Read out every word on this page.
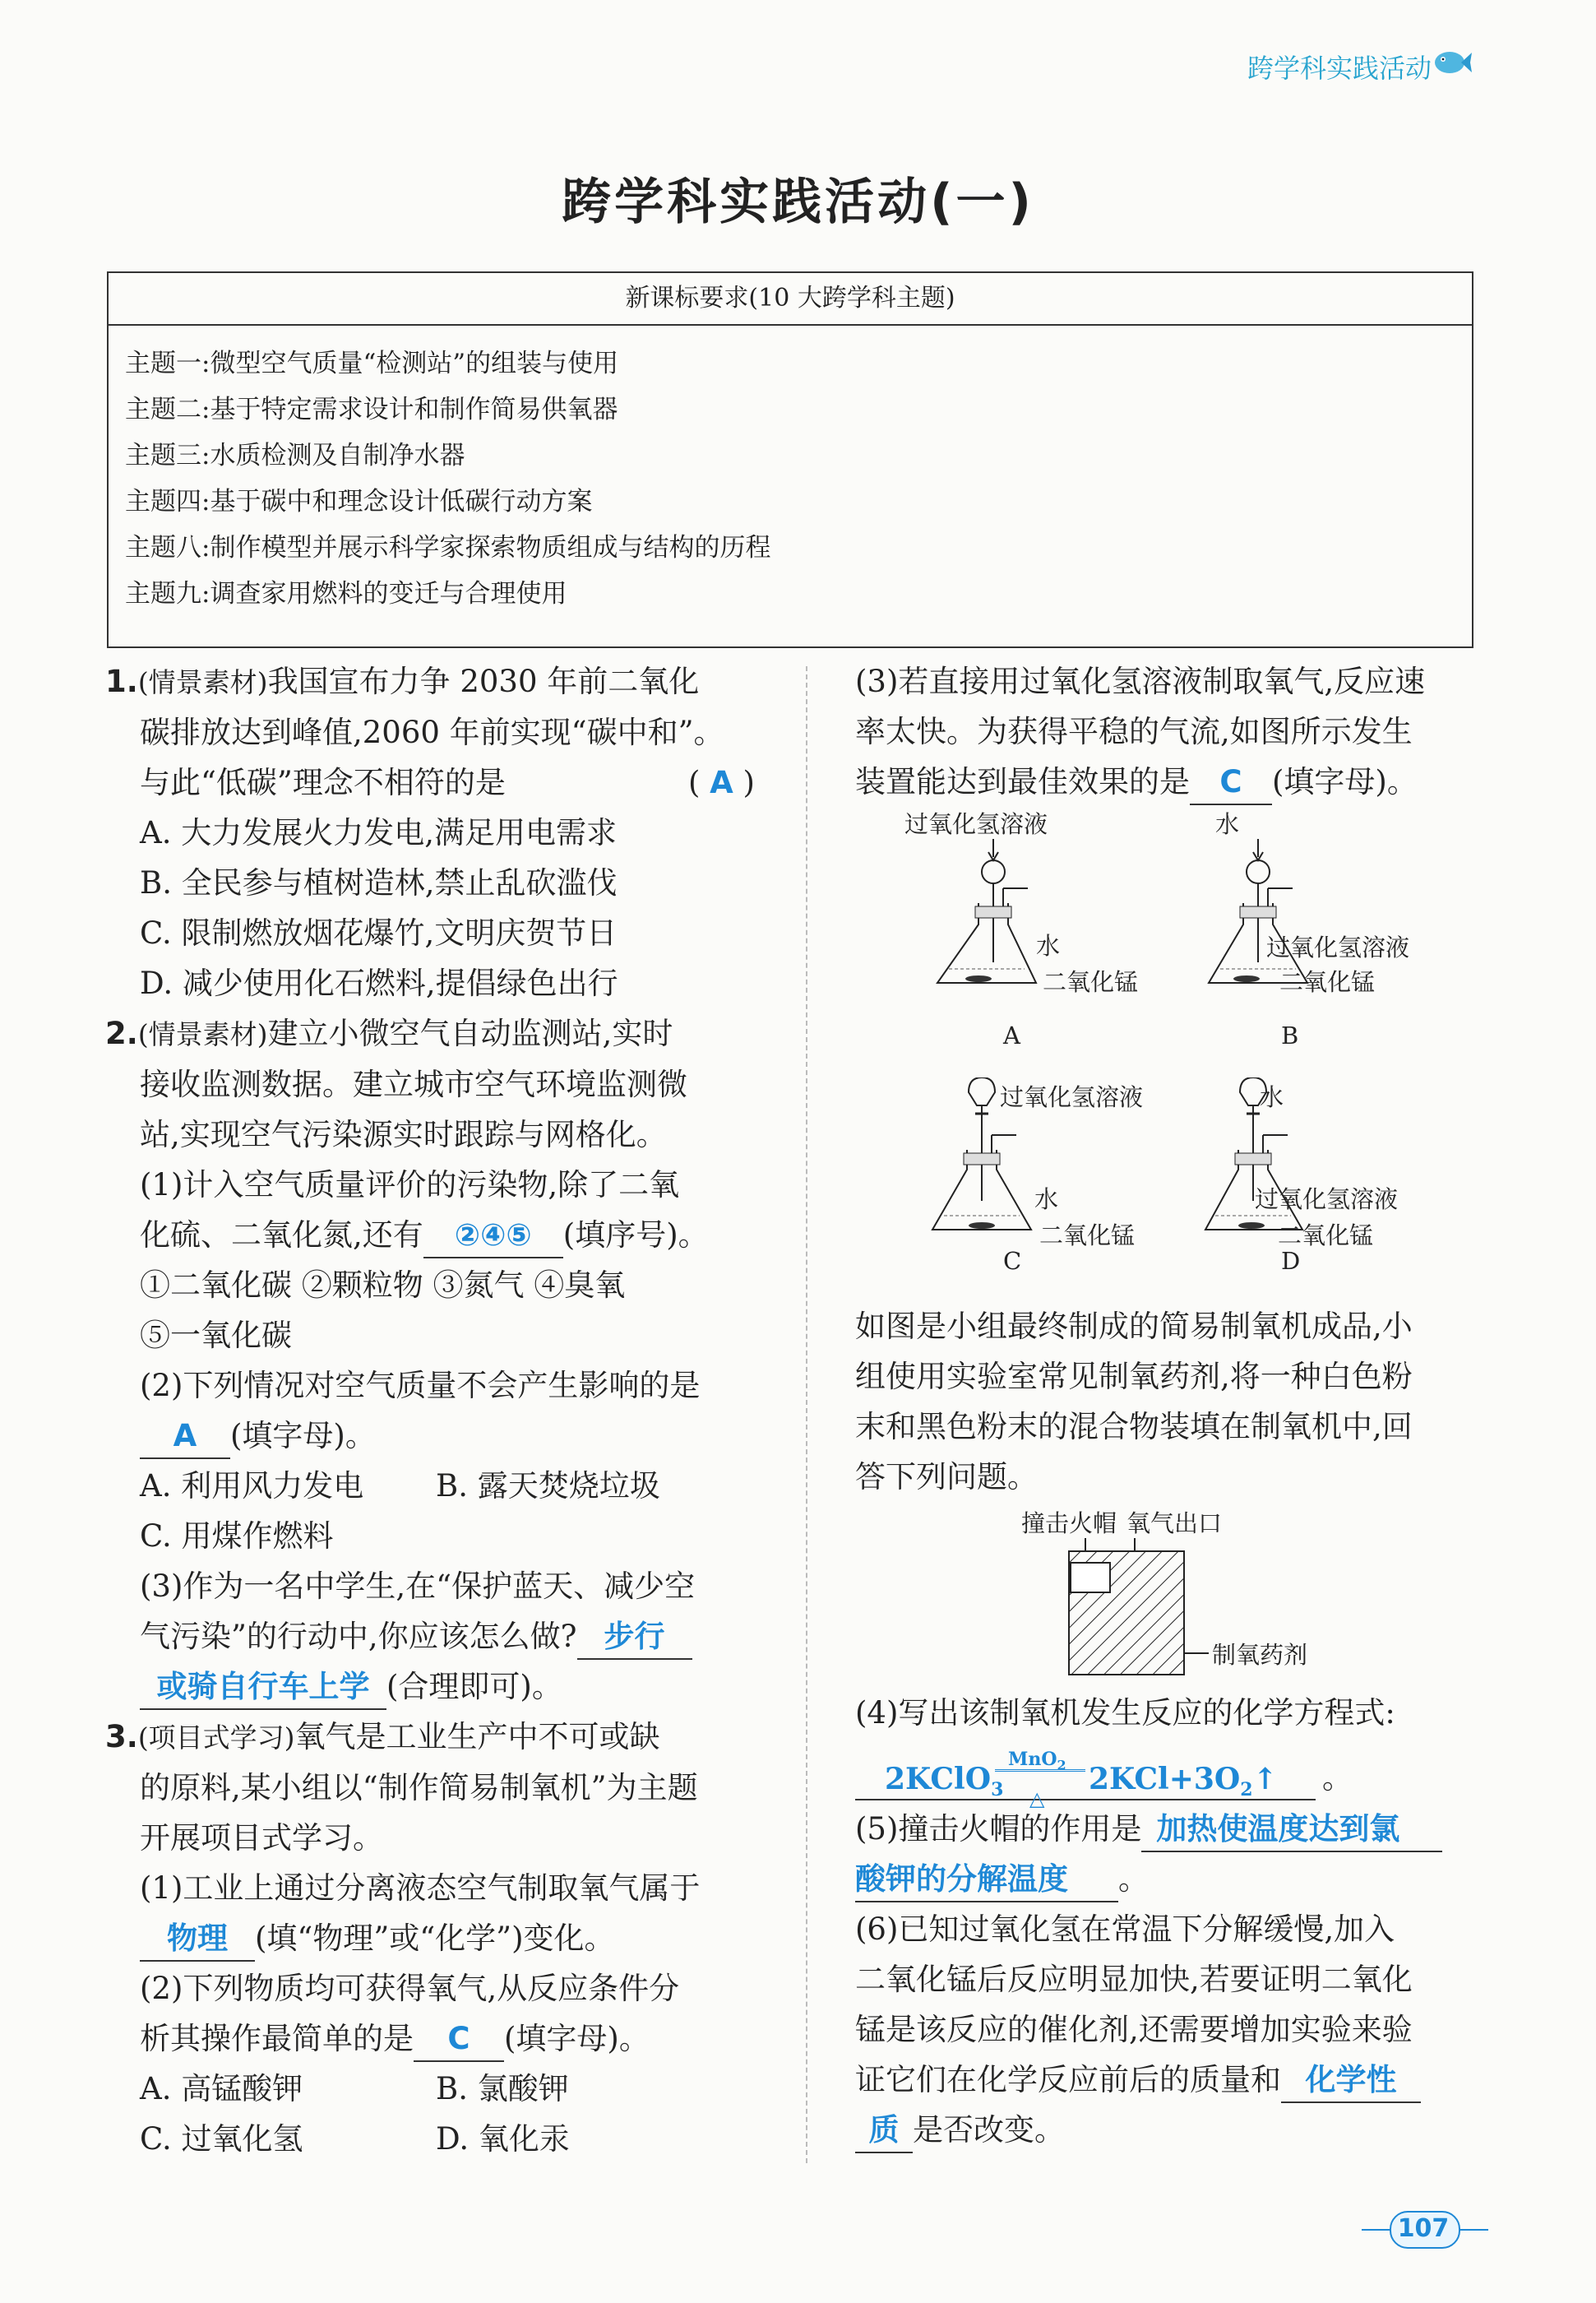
跨学科实践活动
跨学科实践活动(一)
新课标要求(10 大跨学科主题)
主题一:微型空气质量“检测站”的组装与使用
主题二:基于特定需求设计和制作简易供氧器
主题三:水质检测及自制净水器
主题四:基于碳中和理念设计低碳行动方案
主题八:制作模型并展示科学家探索物质组成与结构的历程
主题九:调查家用燃料的变迁与合理使用
1.(情景素材)我国宣布力争 2030 年前二氧化
碳排放达到峰值,2060 年前实现“碳中和”。
与此“低碳”理念不相符的是	( A )
A. 大力发展火力发电,满足用电需求
B. 全民参与植树造林,禁止乱砍滥伐
C. 限制燃放烟花爆竹,文明庆贺节日
D. 减少使用化石燃料,提倡绿色出行
2.(情景素材)建立小微空气自动监测站,实时
接收监测数据。建立城市空气环境监测微
站,实现空气污染源实时跟踪与网格化。
(1)计入空气质量评价的污染物,除了二氧
化硫、二氧化氮,还有 ②④⑤ (填序号)。
①二氧化碳 ②颗粒物 ③氮气 ④臭氧
⑤一氧化碳
(2)下列情况对空气质量不会产生影响的是
A (填字母)。
A. 利用风力发电	B. 露天焚烧垃圾
C. 用煤作燃料
(3)作为一名中学生,在“保护蓝天、减少空
气污染”的行动中,你应该怎么做? 步行
或骑自行车上学 (合理即可)。
3.(项目式学习)氧气是工业生产中不可或缺
的原料,某小组以“制作简易制氧机”为主题
开展项目式学习。
(1)工业上通过分离液态空气制取氧气属于
物理 (填“物理”或“化学”)变化。
(2)下列物质均可获得氧气,从反应条件分
析其操作最简单的是 C (填字母)。
A. 高锰酸钾	B. 氯酸钾
C. 过氧化氢	D. 氧化汞
(3)若直接用过氧化氢溶液制取氧气,反应速
率太快。为获得平稳的气流,如图所示发生
装置能达到最佳效果的是 C (填字母)。
过氧化氢溶液
水
二氧化锰
A
水
过氧化氢溶液
二氧化锰
B
过氧化氢溶液
水
二氧化锰
C
水
过氧化氢溶液
二氧化锰
D
如图是小组最终制成的简易制氧机成品,小
组使用实验室常见制氧药剂,将一种白色粉
末和黑色粉末的混合物装填在制氧机中,回
答下列问题。
撞击火帽 氧气出口
制氧药剂
(4)写出该制氧机发生反应的化学方程式:
2KClO$_3$
MnO$_2$
△
$2KCl+3O_2↑$ 。
(5)撞击火帽的作用是 加热使温度达到氯
酸钾的分解温度 。
(6)已知过氧化氢在常温下分解缓慢,加入
二氧化锰后反应明显加快,若要证明二氧化
锰是该反应的催化剂,还需要增加实验来验
证它们在化学反应前后的质量和 化学性
质 是否改变。
107
